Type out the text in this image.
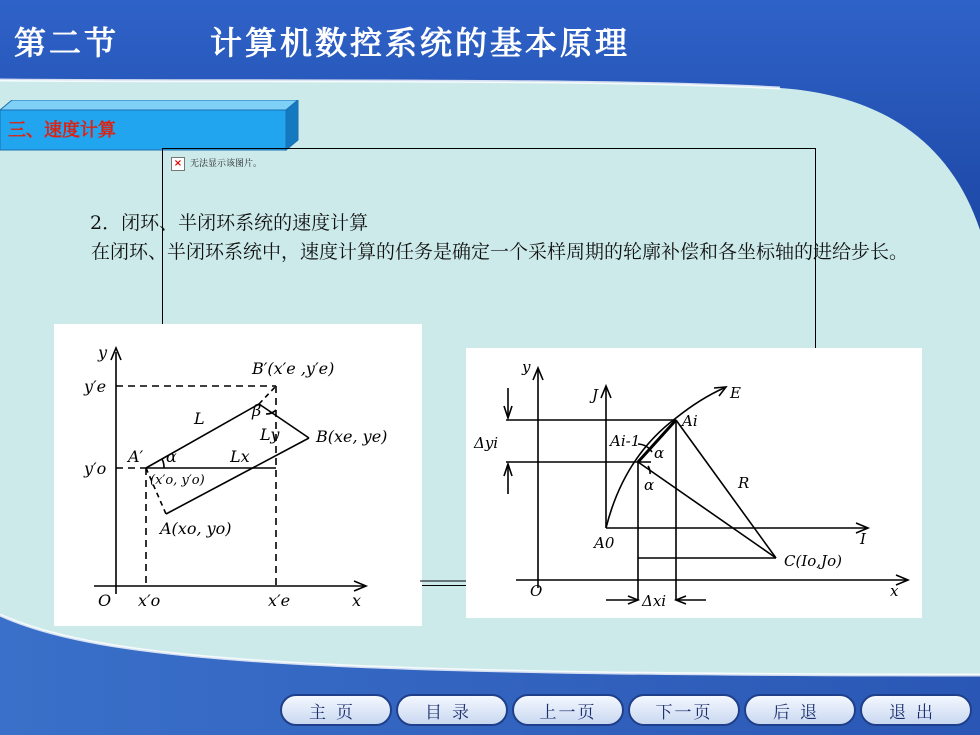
第二节	计算机数控系统的基本原理
三、速度计算
× 无法显示该图片。
2．闭环、半闭环系统的速度计算
在闭环、半闭环系统中，速度计算的任务是确定一个采样周期的轮廓补偿和各坐标轴的进给步长。
y
y′e
y′o
O x′o	x′e	x
B′(x′e ,y′e)
B(xe, ye)
A(xo, yo)
A′
(x′o, y′o)
L
Lx
Ly
α
β
y
J
Δyi
E
Ai
Ai-1
α
α	R
A0	I
C(Io,Jo)
O	x
Δxi
主页	目录	上一页	下一页	后退	退出
